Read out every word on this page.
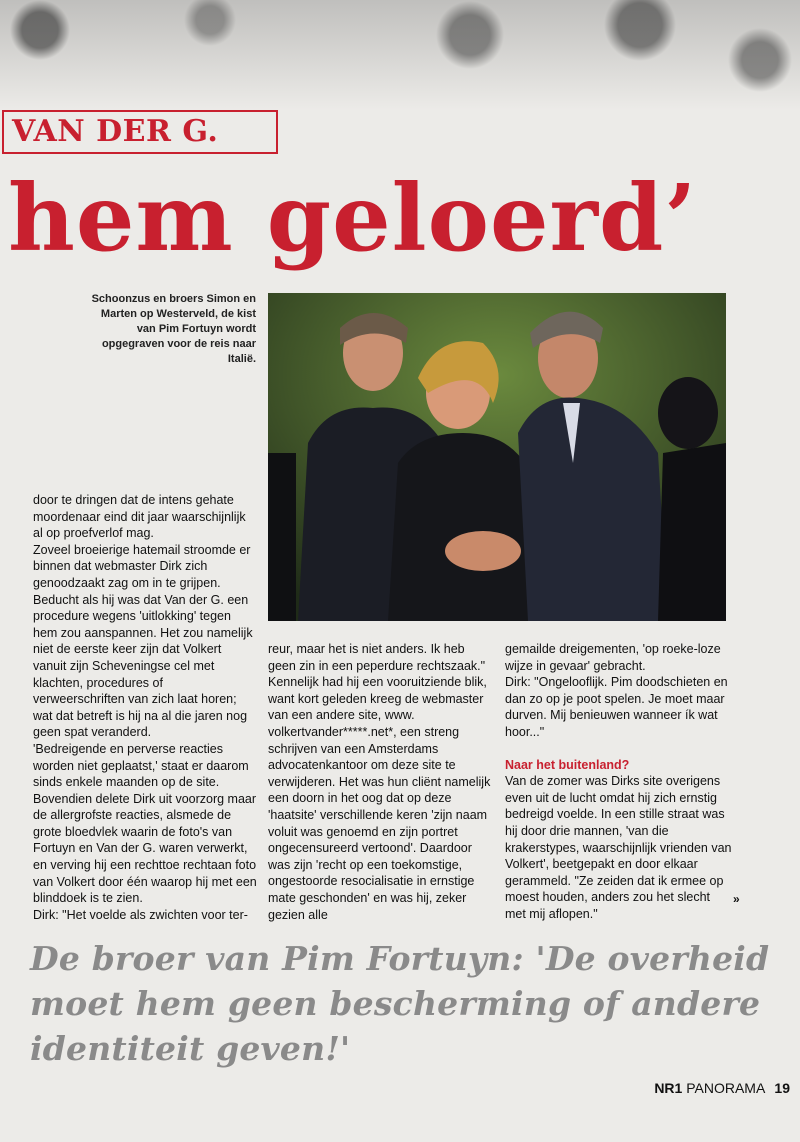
VAN DER G.
hem geloerd’
Schoonzus en broers Simon en Marten op Westerveld, de kist van Pim Fortuyn wordt opgegraven voor de reis naar Italië.

door te dringen dat de intens gehate moordenaar eind dit jaar waarschijnlijk al op proefverlof mag.

Zoveel broeierige hatemail stroomde er binnen dat webmaster Dirk zich genoodzaakt zag om in te grijpen. Beducht als hij was dat Van der G. een procedure wegens 'uitlokking' tegen hem zou aanspannen. Het zou namelijk niet de eerste keer zijn dat Volkert vanuit zijn Scheveningse cel met klachten, procedures of verweerschriften van zich laat horen; wat dat betreft is hij na al die jaren nog geen spat veranderd.

'Bedreigende en perverse reacties worden niet geplaatst,' staat er daarom sinds enkele maanden op de site. Bovendien delete Dirk uit voorzorg maar de allergrofste reacties, alsmede de grote bloedvlek waarin de foto's van Fortuyn en Van der G. waren verwerkt, en verving hij een rechttoe rechtaan foto van Volkert door één waarop hij met een blinddoek is te zien.

Dirk: "Het voelde als zwichten voor ter-

reur, maar het is niet anders. Ik heb geen zin in een peperdure rechtszaak."

Kennelijk had hij een vooruitziende blik, want kort geleden kreeg de webmaster van een andere site, www. volkertvander*****.net*, een streng schrijven van een Amsterdams advocatenkantoor om deze site te verwijderen. Het was hun cliënt namelijk een doorn in het oog dat op deze 'haatsite' verschillende keren 'zijn naam voluit was genoemd en zijn portret ongecensureerd vertoond'. Daardoor was zijn 'recht op een toekomstige, ongestoorde resocialisatie in ernstige mate geschonden' en was hij, zeker gezien alle

gemailde dreigementen, 'op roeke-loze wijze in gevaar' gebracht.

Dirk: "Ongelooflijk. Pim doodschieten en dan zo op je poot spelen. Je moet maar durven. Mij benieuwen wanneer ík wat hoor..."

Naar het buitenland?

Van de zomer was Dirks site overigens even uit de lucht omdat hij zich ernstig bedreigd voelde. In een stille straat was hij door drie mannen, 'van die krakerstypes, waarschijnlijk vrienden van Volkert', beetgepakt en door elkaar gerammeld. "Ze zeiden dat ik ermee op moest houden, anders zou het slecht met mij aflopen."

»
De broer van Pim Fortuyn: 'De overheid moet hem geen bescherming of andere identiteit geven!'
NR1 PANORAMA 19
